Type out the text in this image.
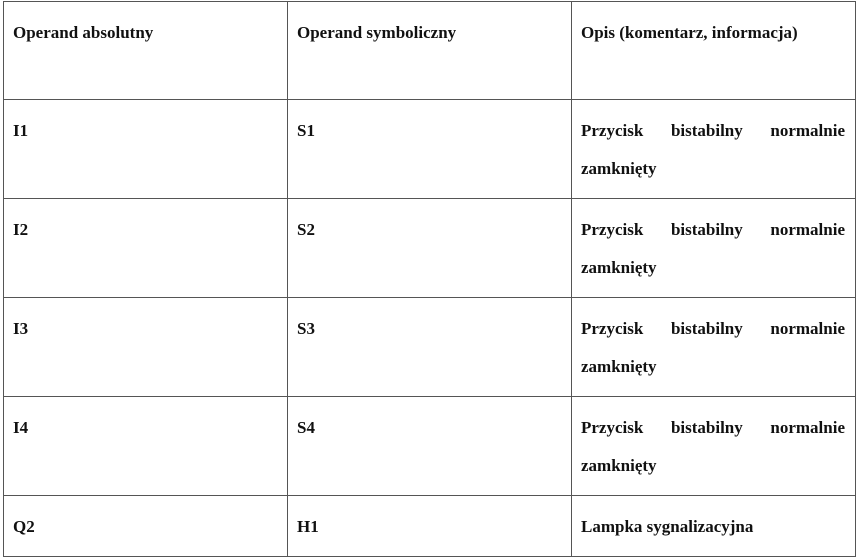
Operand absolutny	Operand symboliczny	Opis (komentarz, informacja)
I1	S1	Przycisk bistabilny normalnie zamknięty
I2	S2	Przycisk bistabilny normalnie zamknięty
I3	S3	Przycisk bistabilny normalnie zamknięty
I4	S4	Przycisk bistabilny normalnie zamknięty
Q2	H1	Lampka sygnalizacyjna
